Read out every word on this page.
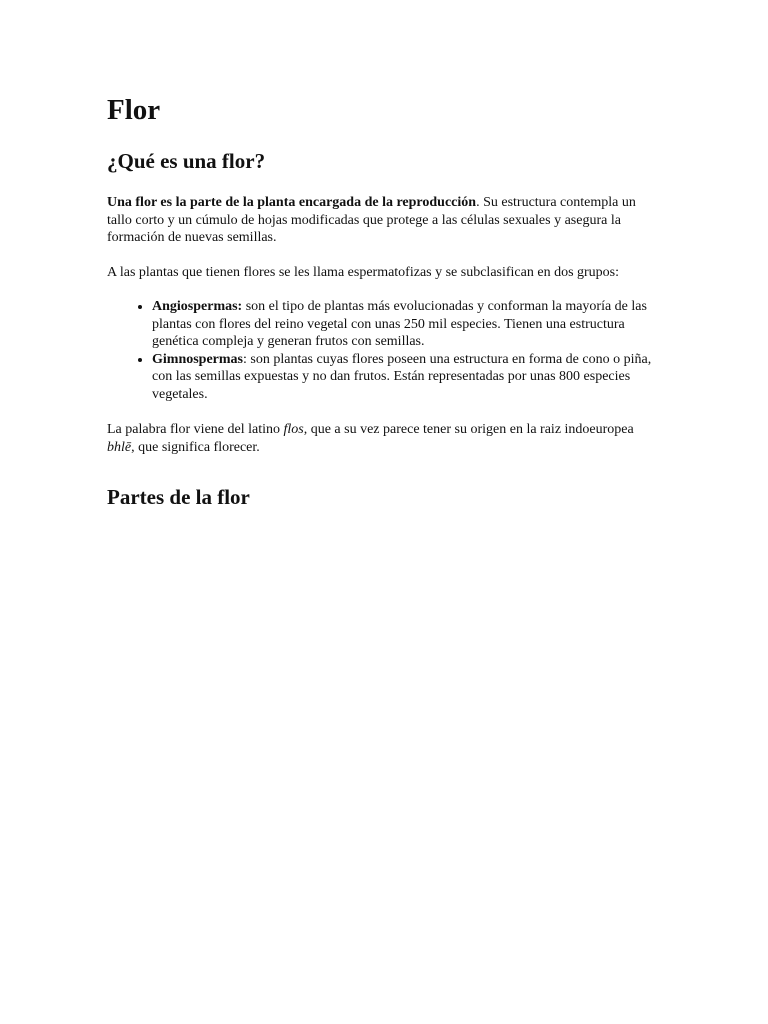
Flor
¿Qué es una flor?

Una flor es la parte de la planta encargada de la reproducción. Su estructura contempla un tallo corto y un cúmulo de hojas modificadas que protege a las células sexuales y asegura la formación de nuevas semillas.

A las plantas que tienen flores se les llama espermatofizas y se subclasifican en dos grupos:

• Angiospermas: son el tipo de plantas más evolucionadas y conforman la mayoría de las plantas con flores del reino vegetal con unas 250 mil especies. Tienen una estructura genética compleja y generan frutos con semillas.
• Gimnospermas: son plantas cuyas flores poseen una estructura en forma de cono o piña, con las semillas expuestas y no dan frutos. Están representadas por unas 800 especies vegetales.

La palabra flor viene del latino flos, que a su vez parece tener su origen en la raiz indoeuropea bhlē, que significa florecer.

Partes de la flor
